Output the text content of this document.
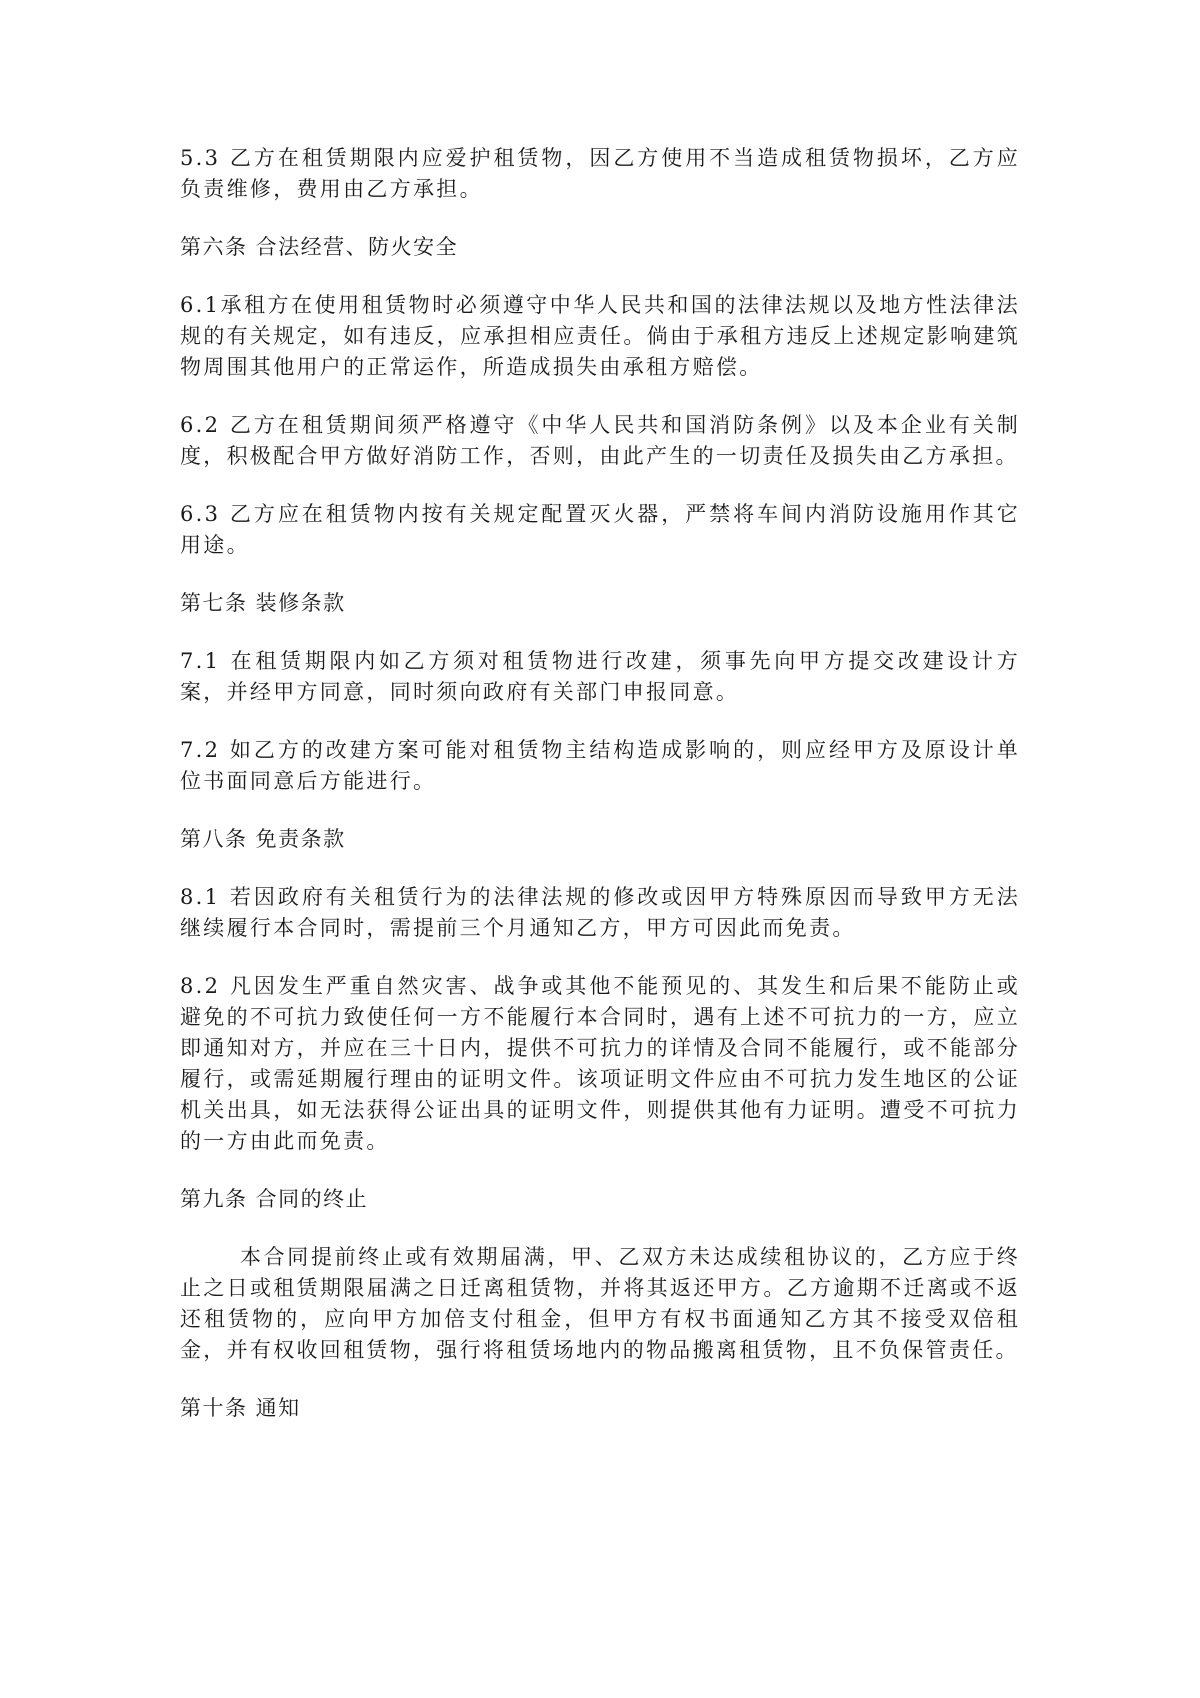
5.3 乙方在租赁期限内应爱护租赁物，因乙方使用不当造成租赁物损坏，乙方应负责维修，费用由乙方承担。

第六条 合法经营、防火安全

6.1承租方在使用租赁物时必须遵守中华人民共和国的法律法规以及地方性法律法规的有关规定，如有违反，应承担相应责任。倘由于承租方违反上述规定影响建筑物周围其他用户的正常运作，所造成损失由承租方赔偿。

6.2 乙方在租赁期间须严格遵守《中华人民共和国消防条例》以及本企业有关制度，积极配合甲方做好消防工作，否则，由此产生的一切责任及损失由乙方承担。

6.3 乙方应在租赁物内按有关规定配置灭火器，严禁将车间内消防设施用作其它用途。

第七条 装修条款

7.1 在租赁期限内如乙方须对租赁物进行改建，须事先向甲方提交改建设计方案，并经甲方同意，同时须向政府有关部门申报同意。

7.2 如乙方的改建方案可能对租赁物主结构造成影响的，则应经甲方及原设计单位书面同意后方能进行。

第八条 免责条款

8.1 若因政府有关租赁行为的法律法规的修改或因甲方特殊原因而导致甲方无法继续履行本合同时，需提前三个月通知乙方，甲方可因此而免责。

8.2 凡因发生严重自然灾害、战争或其他不能预见的、其发生和后果不能防止或避免的不可抗力致使任何一方不能履行本合同时，遇有上述不可抗力的一方，应立即通知对方，并应在三十日内，提供不可抗力的详情及合同不能履行，或不能部分履行，或需延期履行理由的证明文件。该项证明文件应由不可抗力发生地区的公证机关出具，如无法获得公证出具的证明文件，则提供其他有力证明。遭受不可抗力的一方由此而免责。

第九条 合同的终止

本合同提前终止或有效期届满，甲、乙双方未达成续租协议的，乙方应于终止之日或租赁期限届满之日迁离租赁物，并将其返还甲方。乙方逾期不迁离或不返还租赁物的，应向甲方加倍支付租金，但甲方有权书面通知乙方其不接受双倍租金，并有权收回租赁物，强行将租赁场地内的物品搬离租赁物，且不负保管责任。

第十条 通知
